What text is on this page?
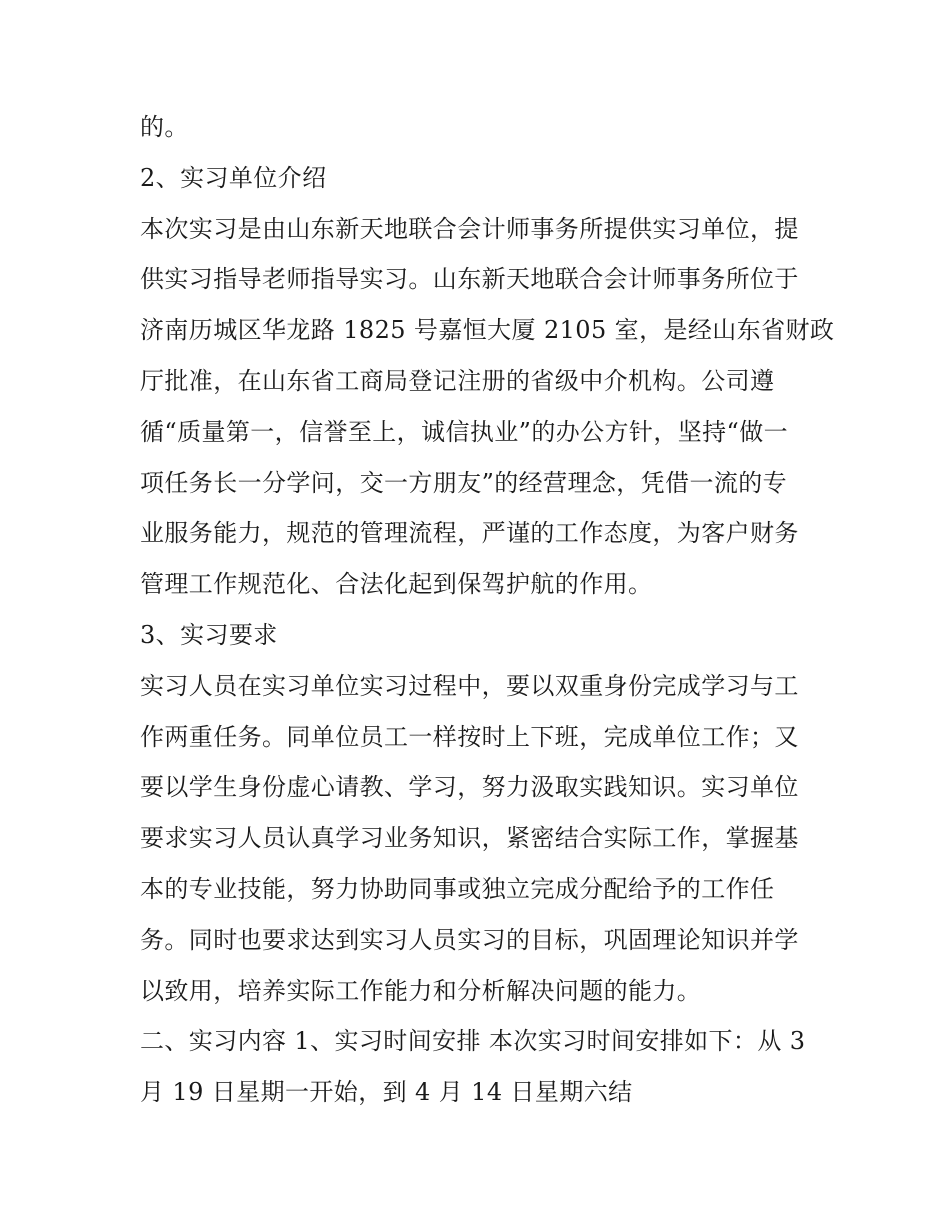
的。
2、实习单位介绍
本次实习是由山东新天地联合会计师事务所提供实习单位，提
供实习指导老师指导实习。山东新天地联合会计师事务所位于
济南历城区华龙路 1825 号嘉恒大厦 2105 室，是经山东省财政
厅批准，在山东省工商局登记注册的省级中介机构。公司遵
循“质量第一，信誉至上，诚信执业”的办公方针，坚持“做一
项任务长一分学问，交一方朋友”的经营理念，凭借一流的专
业服务能力，规范的管理流程，严谨的工作态度，为客户财务
管理工作规范化、合法化起到保驾护航的作用。
3、实习要求
实习人员在实习单位实习过程中，要以双重身份完成学习与工
作两重任务。同单位员工一样按时上下班，完成单位工作；又
要以学生身份虚心请教、学习，努力汲取实践知识。实习单位
要求实习人员认真学习业务知识，紧密结合实际工作，掌握基
本的专业技能，努力协助同事或独立完成分配给予的工作任
务。同时也要求达到实习人员实习的目标，巩固理论知识并学
以致用，培养实际工作能力和分析解决问题的能力。
二、实习内容 1、实习时间安排 本次实习时间安排如下：从 3
月 19 日星期一开始，到 4 月 14 日星期六结
